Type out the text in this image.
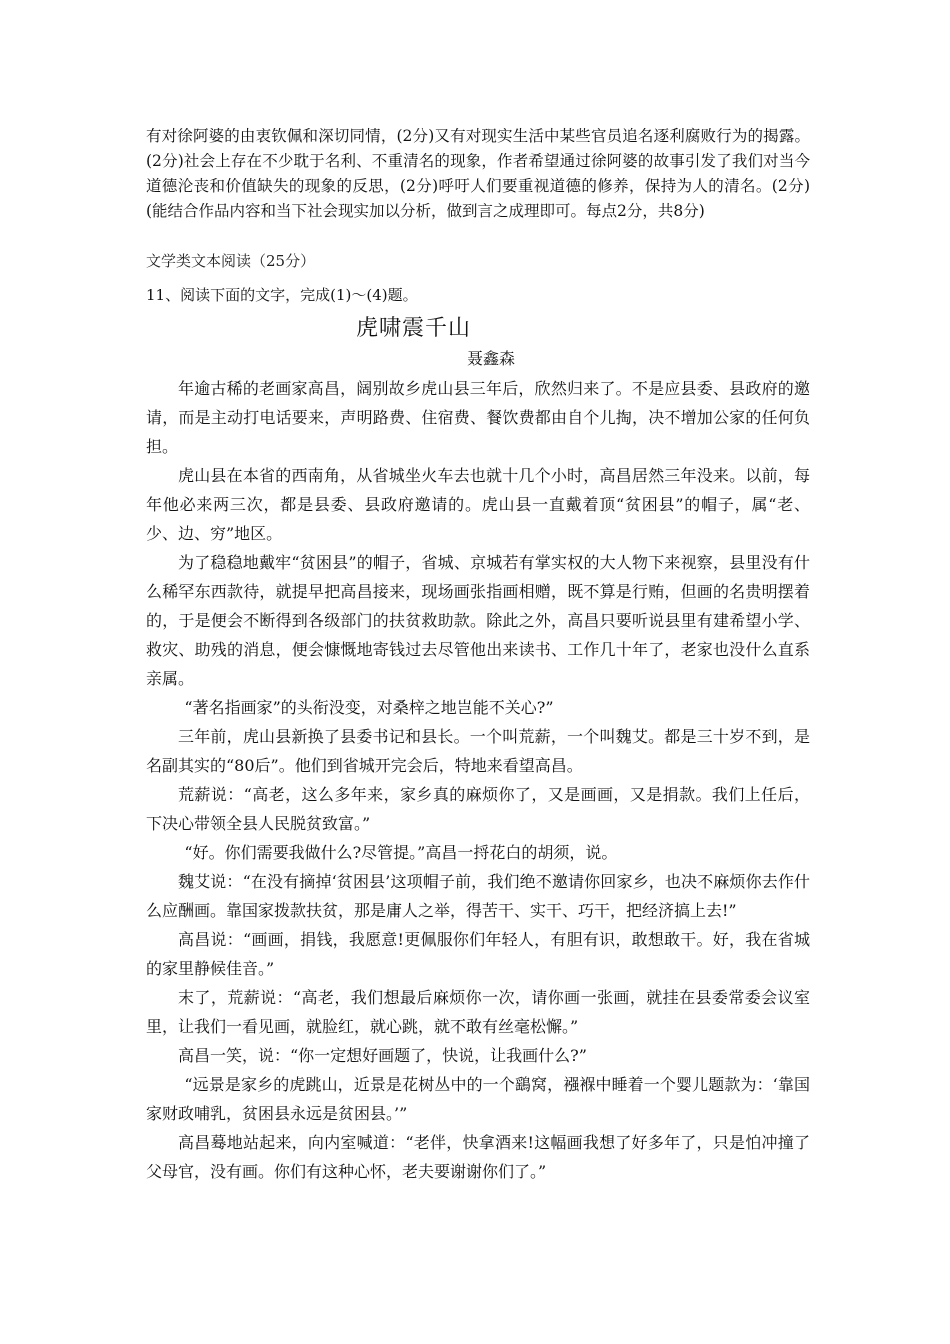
有对徐阿婆的由衷钦佩和深切同情，(2分)又有对现实生活中某些官员追名逐利腐败行为的揭露。(2分)社会上存在不少耽于名利、不重清名的现象，作者希望通过徐阿婆的故事引发了我们对当今道德沦丧和价值缺失的现象的反思，(2分)呼吁人们要重视道德的修养，保持为人的清名。(2分)(能结合作品内容和当下社会现实加以分析，做到言之成理即可。每点2分，共8分)
文学类文本阅读（25分）
11、阅读下面的文字，完成(1)～(4)题。
虎啸震千山
聂鑫森

年逾古稀的老画家高昌，阔别故乡虎山县三年后，欣然归来了。不是应县委、县政府的邀请，而是主动打电话要来，声明路费、住宿费、餐饮费都由自个儿掏，决不增加公家的任何负担。

虎山县在本省的西南角，从省城坐火车去也就十几个小时，高昌居然三年没来。以前，每年他必来两三次，都是县委、县政府邀请的。虎山县一直戴着顶“贫困县”的帽子，属“老、少、边、穷”地区。

为了稳稳地戴牢“贫困县”的帽子，省城、京城若有掌实权的大人物下来视察，县里没有什么稀罕东西款待，就提早把高昌接来，现场画张指画相赠，既不算是行贿，但画的名贵明摆着的，于是便会不断得到各级部门的扶贫救助款。除此之外，高昌只要听说县里有建希望小学、救灾、助残的消息，便会慷慨地寄钱过去尽管他出来读书、工作几十年了，老家也没什么直系亲属。

“著名指画家”的头衔没变，对桑梓之地岂能不关心?”

三年前，虎山县新换了县委书记和县长。一个叫荒薪，一个叫魏艾。都是三十岁不到，是名副其实的“80后”。他们到省城开完会后，特地来看望高昌。

荒薪说：“高老，这么多年来，家乡真的麻烦你了，又是画画，又是捐款。我们上任后，下决心带领全县人民脱贫致富。”

“好。你们需要我做什么?尽管提。”高昌一捋花白的胡须，说。

魏艾说：“在没有摘掉‘贫困县’这项帽子前，我们绝不邀请你回家乡，也决不麻烦你去作什么应酬画。靠国家拨款扶贫，那是庸人之举，得苦干、实干、巧干，把经济搞上去!”

高昌说：“画画，捐钱，我愿意!更佩服你们年轻人，有胆有识，敢想敢干。好，我在省城的家里静候佳音。”

末了，荒薪说：“高老，我们想最后麻烦你一次，请你画一张画，就挂在县委常委会议室里，让我们一看见画，就脸红，就心跳，就不敢有丝毫松懈。”

高昌一笑，说：“你一定想好画题了，快说，让我画什么?”

“远景是家乡的虎跳山，近景是花树丛中的一个鷂窝，襁褓中睡着一个婴儿题款为：‘靠国家财政哺乳，贫困县永远是贫困县。’”

高昌蓦地站起来，向内室喊道：“老伴，快拿酒来!这幅画我想了好多年了，只是怕冲撞了父母官，没有画。你们有这种心怀，老夫要谢谢你们了。”
